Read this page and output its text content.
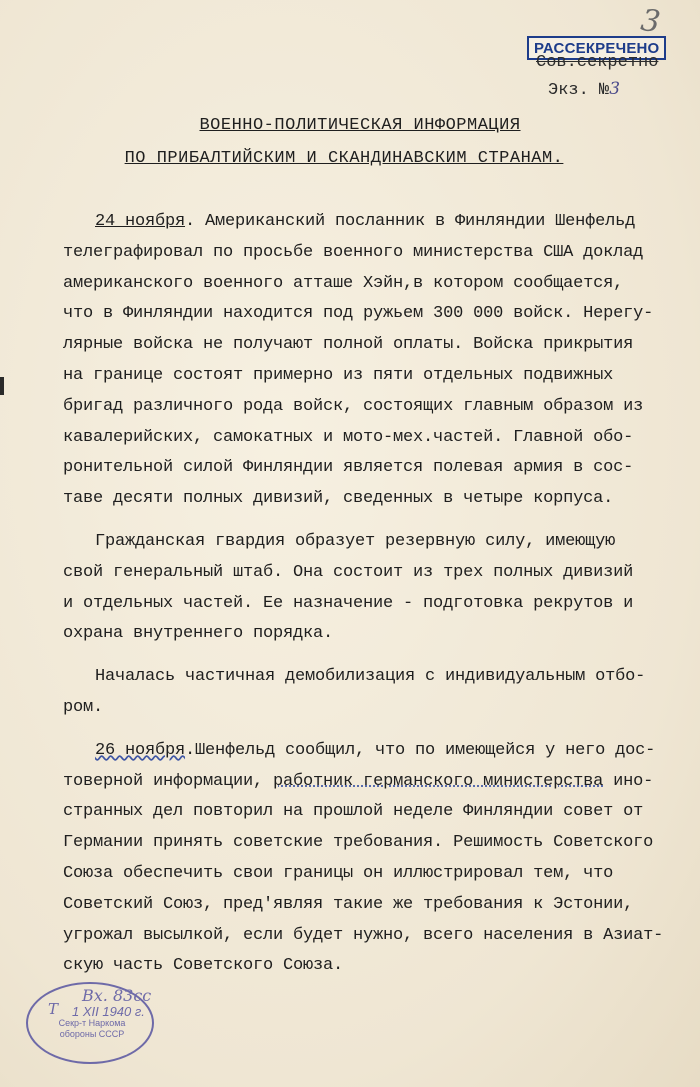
3
РАССЕКРЕЧЕНО
Сов.секретно
Экз. №3
ВОЕННО-ПОЛИТИЧЕСКАЯ ИНФОРМАЦИЯ
ПО ПРИБАЛТИЙСКИМ И СКАНДИНАВСКИМ СТРАНАМ.
24 ноября. Американский посланник в Финляндии Шенфельд
телеграфировал по просьбе военного министерства США доклад
американского военного атташе Хэйн,в котором сообщается,
что в Финляндии находится под ружьем 300 000 войск. Нерегу-
лярные войска не получают полной оплаты. Войска прикрытия
на границе состоят примерно из пяти отдельных подвижных
бригад различного рода войск, состоящих главным образом из
кавалерийских, самокатных и мото-мех.частей. Главной обо-
ронительной силой Финляндии является полевая армия в сос-
таве десяти полных дивизий, сведенных в четыре корпуса.
Гражданская гвардия образует резервную силу, имеющую
свой генеральный штаб. Она состоит из трех полных дивизий
и отдельных частей. Ее назначение - подготовка рекрутов и
охрана внутреннего порядка.
Началась частичная демобилизация с индивидуальным отбо-
ром.
26 ноября.Шенфельд сообщил, что по имеющейся у него дос-
товерной информации, работник германского министерства ино-
странных дел повторил на прошлой неделе Финляндии совет от
Германии принять советские требования. Решимость Советского
Союза обеспечить свои границы он иллюстрировал тем, что
Советский Союз, пред'являя такие же требования к Эстонии,
угрожал высылкой, если будет нужно, всего населения в Азиат-
скую часть Советского Союза.
Т
Вх. 83сс
1 XII 1940 г.
Секр-т Наркома
обороны СССР
